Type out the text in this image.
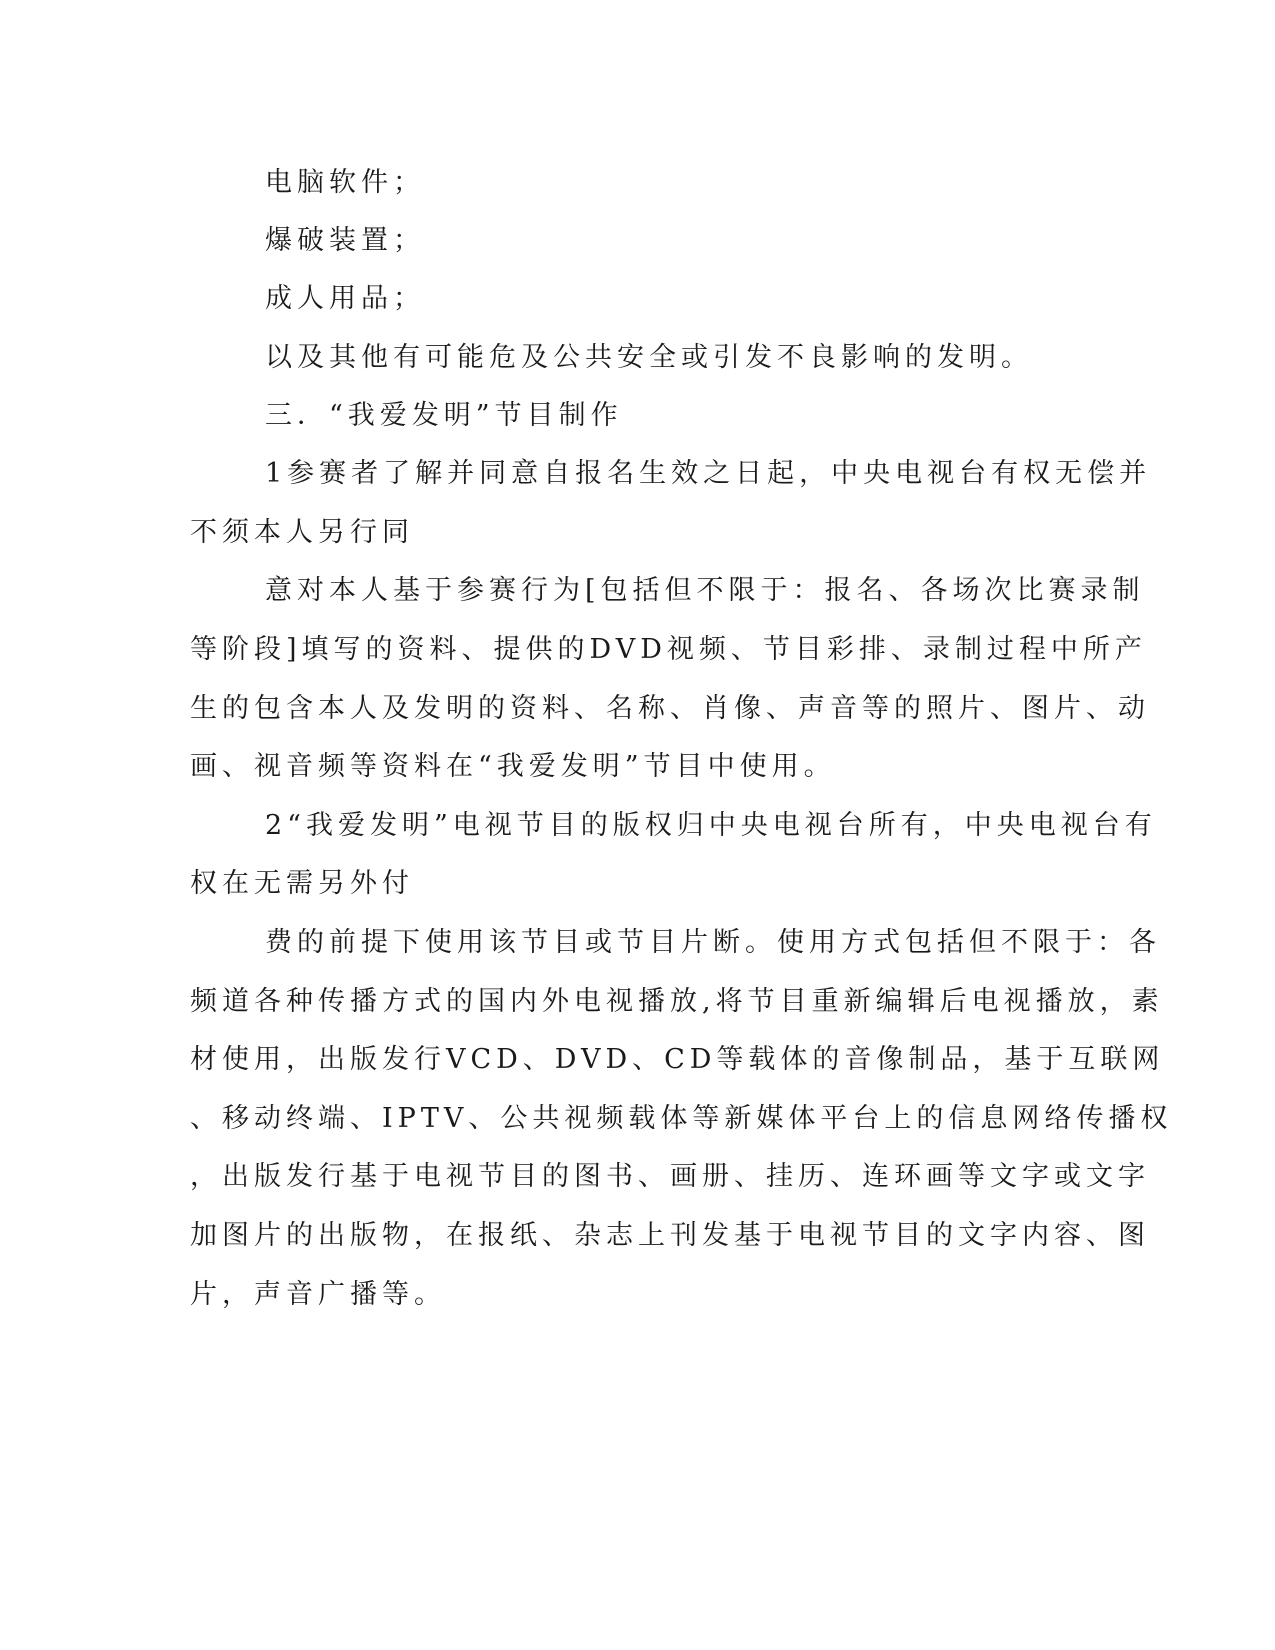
电脑软件；
爆破装置；
成人用品；
以及其他有可能危及公共安全或引发不良影响的发明。
三．“我爱发明”节目制作
1参赛者了解并同意自报名生效之日起，中央电视台有权无偿并
不须本人另行同
意对本人基于参赛行为[包括但不限于：报名、各场次比赛录制
等阶段]填写的资料、提供的DVD视频、节目彩排、录制过程中所产
生的包含本人及发明的资料、名称、肖像、声音等的照片、图片、动
画、视音频等资料在“我爱发明”节目中使用。
2“我爱发明”电视节目的版权归中央电视台所有，中央电视台有
权在无需另外付
费的前提下使用该节目或节目片断。使用方式包括但不限于：各
频道各种传播方式的国内外电视播放,将节目重新编辑后电视播放，素
材使用，出版发行VCD、DVD、CD等载体的音像制品，基于互联网
、移动终端、IPTV、公共视频载体等新媒体平台上的信息网络传播权
，出版发行基于电视节目的图书、画册、挂历、连环画等文字或文字
加图片的出版物，在报纸、杂志上刊发基于电视节目的文字内容、图
片，声音广播等。
